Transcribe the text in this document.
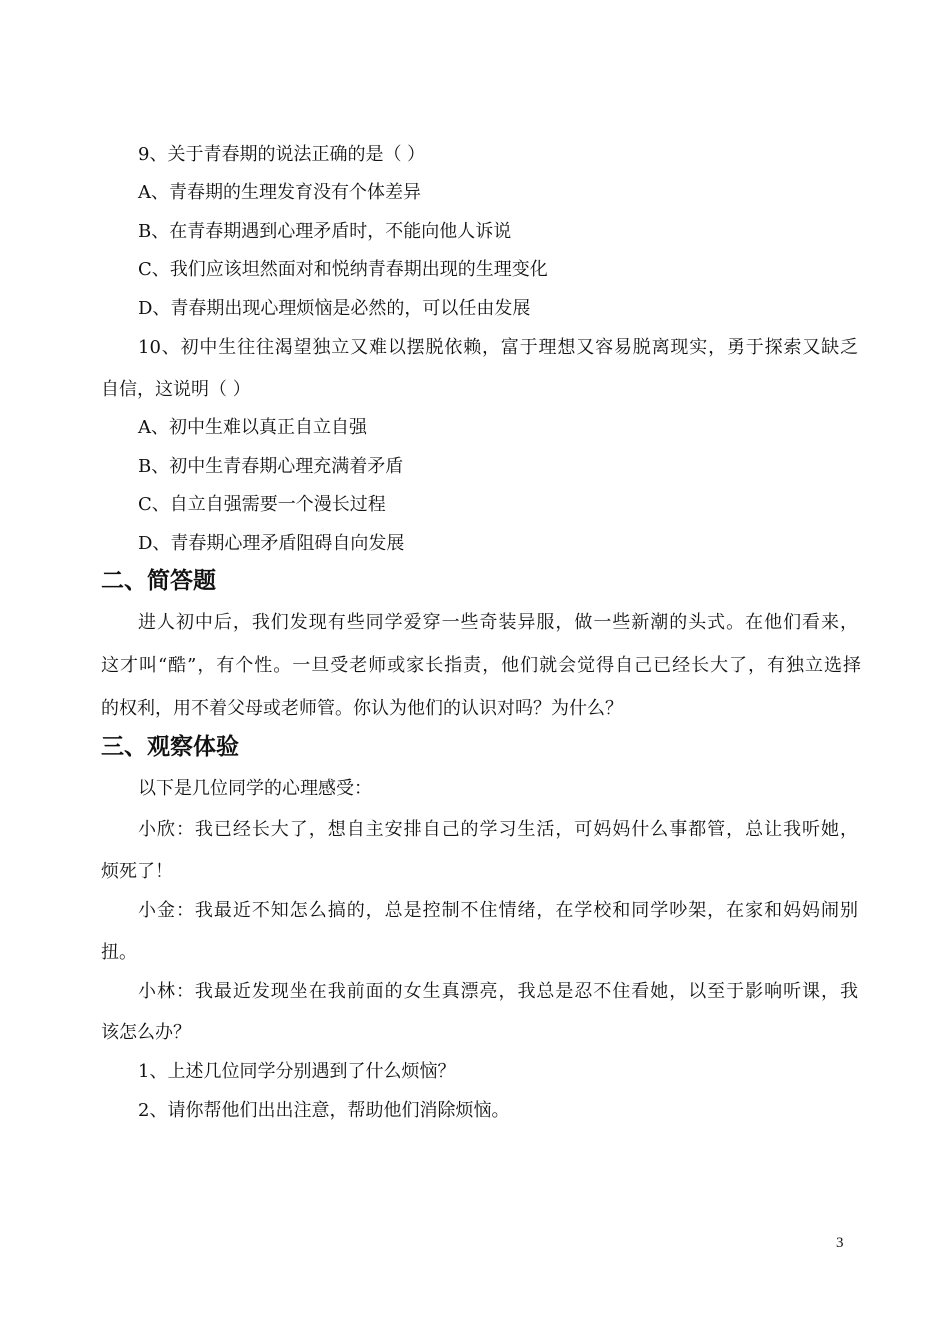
9、关于青春期的说法正确的是（ ）
A、青春期的生理发育没有个体差异
B、在青春期遇到心理矛盾时，不能向他人诉说
C、我们应该坦然面对和悦纳青春期出现的生理变化
D、青春期出现心理烦恼是必然的，可以任由发展
10、初中生往往渴望独立又难以摆脱依赖，富于理想又容易脱离现实，勇于探索又缺乏
自信，这说明（ ）
A、初中生难以真正自立自强
B、初中生青春期心理充满着矛盾
C、自立自强需要一个漫长过程
D、青春期心理矛盾阻碍自向发展
二、简答题
进人初中后，我们发现有些同学爱穿一些奇装异服，做一些新潮的头式。在他们看来，
这才叫“酷”，有个性。一旦受老师或家长指责，他们就会觉得自己已经长大了，有独立选择
的权利，用不着父母或老师管。你认为他们的认识对吗？为什么？
三、观察体验
以下是几位同学的心理感受：
小欣：我已经长大了，想自主安排自己的学习生活，可妈妈什么事都管，总让我听她，
烦死了！
小金：我最近不知怎么搞的，总是控制不住情绪，在学校和同学吵架，在家和妈妈闹别
扭。
小林：我最近发现坐在我前面的女生真漂亮，我总是忍不住看她，以至于影响听课，我
该怎么办？
1、上述几位同学分别遇到了什么烦恼？
2、请你帮他们出出注意，帮助他们消除烦恼。
3
